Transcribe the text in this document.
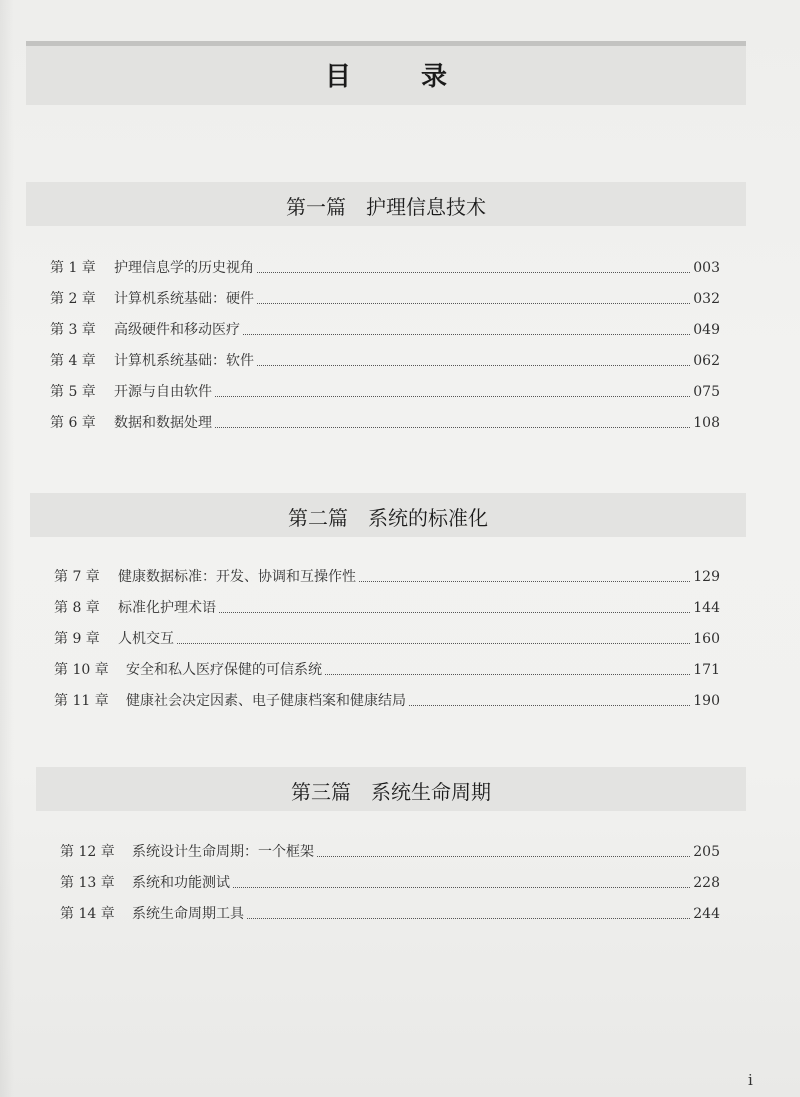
目　录
第一篇　护理信息技术
第 1 章	护理信息学的历史视角	003
第 2 章	计算机系统基础：硬件	032
第 3 章	高级硬件和移动医疗	049
第 4 章	计算机系统基础：软件	062
第 5 章	开源与自由软件	075
第 6 章	数据和数据处理	108
第二篇　系统的标准化
第 7 章	健康数据标准：开发、协调和互操作性	129
第 8 章	标准化护理术语	144
第 9 章	人机交互	160
第 10 章	安全和私人医疗保健的可信系统	171
第 11 章	健康社会决定因素、电子健康档案和健康结局	190
第三篇　系统生命周期
第 12 章	系统设计生命周期：一个框架	205
第 13 章	系统和功能测试	228
第 14 章	系统生命周期工具	244
i
